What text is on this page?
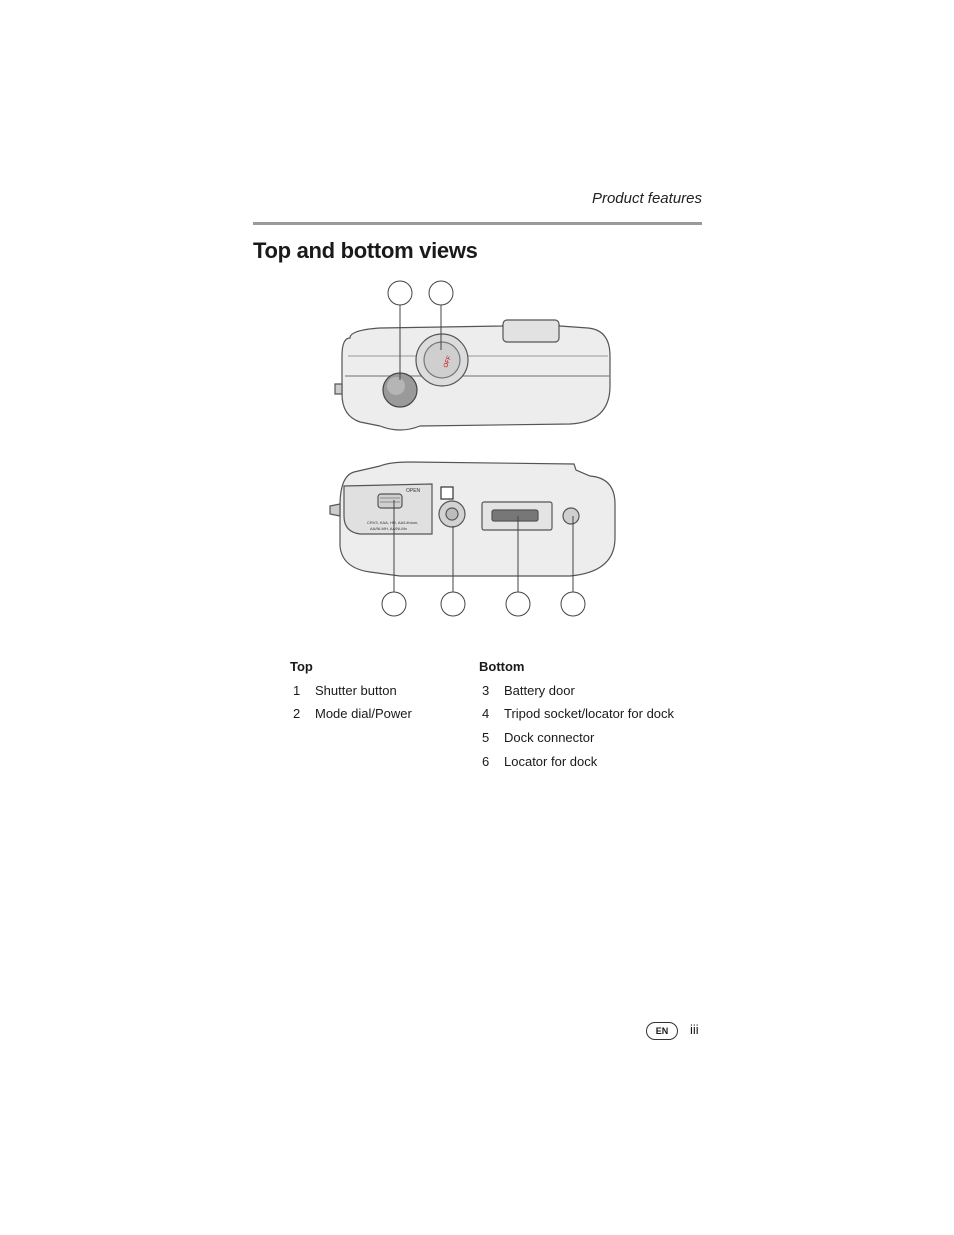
Product features
Top and bottom views
OFF
OPEN
CRV3, KAA, HR, AA/Lithium,
AA/Ni-MH, AA/Ni-Mn
Top
1 Shutter button
2 Mode dial/Power
Bottom
3 Battery door
4 Tripod socket/locator for dock
5 Dock connector
6 Locator for dock
EN	iii
